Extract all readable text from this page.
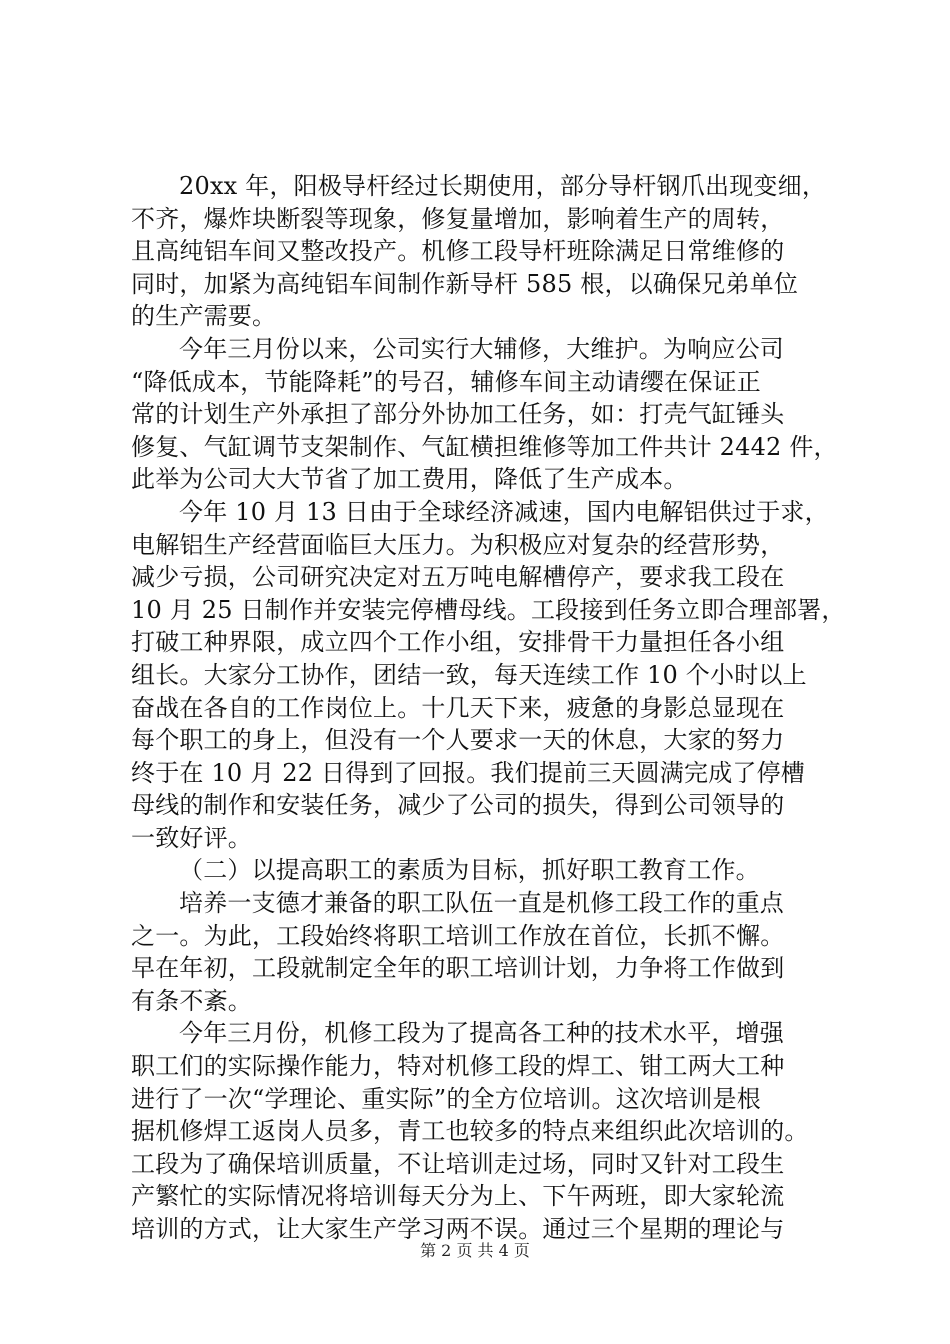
20xx 年，阳极导杆经过长期使用，部分导杆钢爪出现变细，
不齐，爆炸块断裂等现象，修复量增加，影响着生产的周转，
且高纯铝车间又整改投产。机修工段导杆班除满足日常维修的
同时，加紧为高纯铝车间制作新导杆 585 根，以确保兄弟单位
的生产需要。
今年三月份以来，公司实行大辅修，大维护。为响应公司
“降低成本，节能降耗”的号召，辅修车间主动请缨在保证正
常的计划生产外承担了部分外协加工任务，如：打壳气缸锤头
修复、气缸调节支架制作、气缸横担维修等加工件共计 2442 件，
此举为公司大大节省了加工费用，降低了生产成本。
今年 10 月 13 日由于全球经济减速，国内电解铝供过于求，
电解铝生产经营面临巨大压力。为积极应对复杂的经营形势，
减少亏损，公司研究决定对五万吨电解槽停产，要求我工段在
10 月 25 日制作并安装完停槽母线。工段接到任务立即合理部署，
打破工种界限，成立四个工作小组，安排骨干力量担任各小组
组长。大家分工协作，团结一致，每天连续工作 10 个小时以上
奋战在各自的工作岗位上。十几天下来，疲惫的身影总显现在
每个职工的身上，但没有一个人要求一天的休息，大家的努力
终于在 10 月 22 日得到了回报。我们提前三天圆满完成了停槽
母线的制作和安装任务，减少了公司的损失，得到公司领导的
一致好评。
（二）以提高职工的素质为目标，抓好职工教育工作。
培养一支德才兼备的职工队伍一直是机修工段工作的重点
之一。为此，工段始终将职工培训工作放在首位，长抓不懈。
早在年初，工段就制定全年的职工培训计划，力争将工作做到
有条不紊。
今年三月份，机修工段为了提高各工种的技术水平，增强
职工们的实际操作能力，特对机修工段的焊工、钳工两大工种
进行了一次“学理论、重实际”的全方位培训。这次培训是根
据机修焊工返岗人员多，青工也较多的特点来组织此次培训的。
工段为了确保培训质量，不让培训走过场，同时又针对工段生
产繁忙的实际情况将培训每天分为上、下午两班，即大家轮流
培训的方式，让大家生产学习两不误。通过三个星期的理论与
第 2 页 共 4 页
